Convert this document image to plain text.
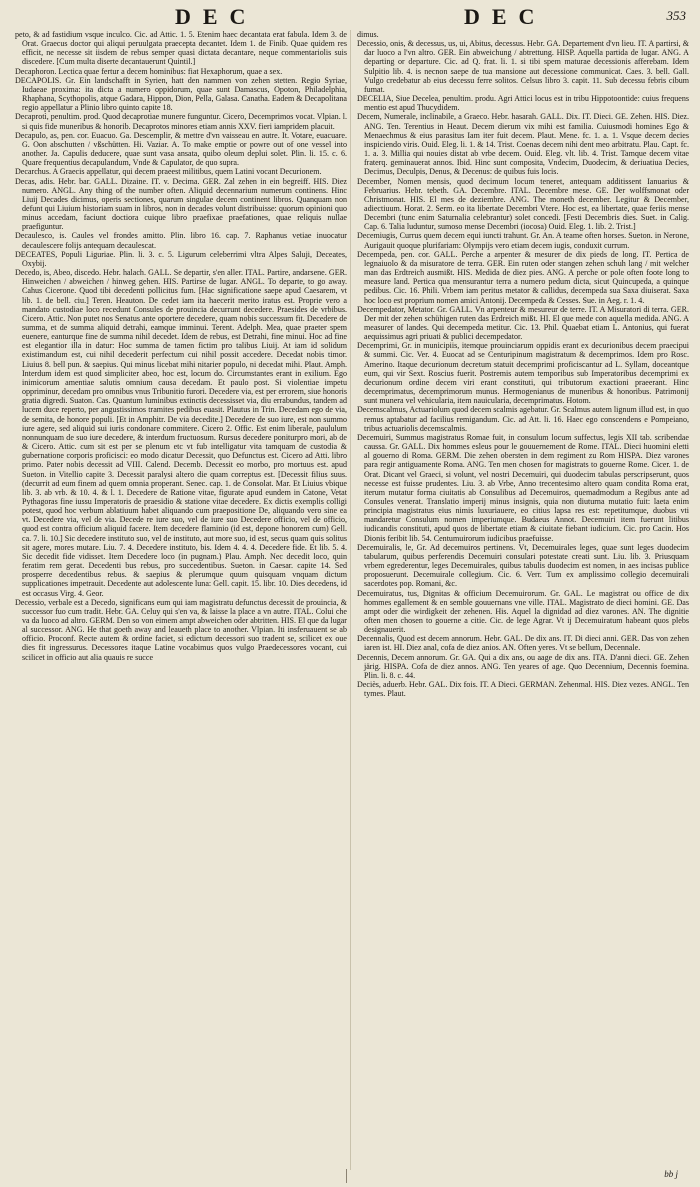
DEC	DEC	353

peto, & ad fastidium vsque inculco. Cic. ad Attic. 1. 5. Etenim haec decantata erat fabula. Idem 3. de Orat. Graecus doctor qui aliqui peruulgata praecepta decantet. Idem 1. de Finib. Quae quidem res efficit, ne necesse sit iisdem de rebus semper quasi dictata decantare, neque commentariolis suis discedere. [Cum multa diserte decantauerunt Quintil.]

Decaphoron. Lectica quae fertur a decem hominibus: fiat Hexaphorum, quae a sex.

DECAPOLIS. Gr. Ein landschafft in Syrien, hatt den nammen von zehen stetten. Regio Syriae, Iudaeae proxima: ita dicta a numero oppidorum, quae sunt Damascus, Opoton, Philadelphia, Rhaphana, Scythopolis, atque Gadara, Hippon, Dion, Pella, Galasa. Canatha. Eadem & Decapolitana regio appellatur a Plinio libro quinto capite 18.

Decaprotì, penultim. prod. Quod decaprotiae munere funguntur. Cicero, Decemprimos vocat. Vlpian. l. si quis fide muneribus & honorib. Decaprotos minores etiam annis XXV. fieri iampridem placuit.

Decapulo, as, pen. cor. Euacuo. Ga. Descemplir, & mettre d'vn vaisseau en autre. It. Votare, euacuare. G. Oon abschutten / vßschütten. Hi. Vaziar. A. To make emptie or powre out of one vessel into another. Ja. Capulis deducere, quae sunt vasa ansata, quibo oleum deplui solet. Plin. li. 15. c. 6. Quare frequentius decapulandum, Vnde & Capulator, de quo supra.

Decarchus. A Graecis appellatur, qui decem praeest militibus, quem Latini vocant Decurionem.

Decas, adis. Hebr. bar. GALL. Dizaine. IT. v. Decima. GER. Zal zehen in ein begreiff. HIS. Diez numero. ANGL. Any thing of the number often. Aliquid decennarium numerum continens. Hinc Liuij Decades dicimus, operis sectiones, quarum singulae decem continent libros. Quanquam non defunt qui Liuium historiam suam in libros, non in decades volunt distribuisse: quorum opinioni quo minus accedam, faciunt doctiora cuique libro praefixae praefationes, quae reliquis nullae praefiguntur.

Decaulesco, is. Caules vel frondes amitto. Plin. libro 16. cap. 7. Raphanus vetiae inuocatur decaulescere folijs antequam decaulescat.

DECEATES, Populi Liguriae. Plin. li. 3. c. 5. Ligurum celeberrimi vltra Alpes Saluji, Deceates, Oxybij.

Decedo, is, Abeo, discedo. Hebr. halach. GALL. Se departir, s'en aller. ITAL. Partire, andarsene. GER. Hinweichen / abweichen / hinweg gehen. HIS. Partirse de lugar. ANGL. To departe, to go away. Cahus Cicerone. Quod tibi decedenti pollicitus fum. [Hac significatione saepe apud Caesarem, vt lib. 1. de bell. ciu.] Teren. Heauton. De cedet iam ita haecerit merito iratus est. Proprie vero a mandato custodiae loco recedunt Consules de prouincia decurrunt decedere. Praesides de vrbibus. Cicero. Attic. Non putet nos Senatus ante oportere decedere, quam nobis successum fit. Decedere de summa, et de summa aliquid detrahi, eamque imminui. Terent. Adelph. Mea, quae praeter spem euenere, eanturque fine de summa nihil decedet. Idem de rebus, est Detrahi, fine minui. Hoc ad fine est elegantior illa in datur: Hoc summa de tamen fictim pro talibus Liuij. At iam id solidum existimandum est, cui nihil decederit perfectum cui nihil possit accedere. Decedat nobis timor. Liuius 8. bell pun. & saepius. Qui minus licebat mihi nitarier populo, ni decedat mihi. Plaut. Amph. Interdum idem est quod simpliciter abeo, hoc est, locum do. Circumstantes erant in exilium. Ego inimicorum amentiae salutis omnium causa decedam. Et paulo post. Si violentiae impetu oppriminur, decedam pro omnibus vnus Tribunitio furori. Decedere via, est per errorem, siue honoris gratia digredi. Suaton. Cas. Quantum luminibus extinctis decessisset via, diu errabundus, tandem ad lucem duce reperto, per angustissimos tramites pedibus euasit. Plautus in Trin. Decedam ego de via, de semita, de honore populi. [Et in Amphitr. De via decedite.] Decedere de suo iure, est non summo iure agere, sed aliquid sui iuris condonare commitere. Cicero 2. Offic. Est enim liberale, paululum nonnunquam de suo iure decedere, & interdum fructuosum. Rursus decedere poniturpro mori, ab de & Cicero. Attic. cum sit est per se plenum etc vt fub intelligatur vita tamquam de custodia & gubernatione corporis proficisci: eo modo dicatur Decessit, quo Defunctus est. Cicero ad Atti. libro primo. Pater nobis decessit ad VIII. Calend. Decemb. Decessit eo morbo, pro mortuus est. apud Sueton. in Vitellio capite 3. Decessit paralysi altero die quam correptus est. [Decessit filius suus. (decurrit ad eum finem ad quem omnia properant. Senec. cap. 1. de Consolat. Mar. Et Liuius vbique lib. 3. ab vrb. & 10. 4. & l. 1. Decedere de Ratione vitae, figurate apud eundem in Catone, Vetat Pythagoras fine iussu Imperatoris de praesidio & statione vitae decedere. Ex dictis exemplis colligi potest, quod hoc verbum ablatiuum habet aliquando cum praepositione De, aliquando vero sine ea vt. Decedere via, vel de via. Decede re iure suo, vel de iure suo Decedere officio, vel de officio, quod est contra officium aliquid facere. Item decedere flaminio (id est, depone honorem cum) Gell. ca. 7. li. 10.] Sic decedere instituto suo, vel de instituto, aut more suo, id est, secus quam quis solitus sit agere, mores mutare. Liu. 7. 4. Decedere instituto, bis. Idem 4. 4. 4. Decedere fide. Et lib. 5. 4. Sic decedit fide vidisset. Item Decedere loco (in pugnam.) Plau. Amph. Nec decedit loco, quin feratim rem gerat. Decedenti bus rebus, pro succedentibus. Sueton. in Caesar. capite 14. Sed prosperre decedentibus rebus. & saepius & plerumque quum quisquam vnquam dictum supplicationes impetrauit. Decedente aut adolescente luna: Gell. capit. 15. libr. 10. Dies decedens, id est occasus Virg. 4. Geor.

Decessio, verbale est a Decedo, significans eum qui iam magistratu defunctus decessit de prouincia, & successor fuo cum tradit. Hebr. GA. Celuy qui s'en va, & laisse la place a vn autre. ITAL. Colui che va da luoco ad altro. GERM. Den so von eimem ampt abweichen oder abtritten. HIS. El que da lugar al successor. ANG. He that goeth away and leaueth place to another. Vlpian. Iti insferuauent se ab officio. Proconf. Recte autem & ordine faciet, si edictum decessori suo tradent se, scilicet ex oue dies fit ingressurus. Decessores itaque Latine vocabimus quos vulgo Praedecessores vocant, cui scilicet in officio aut alia quauis re succe

dimus.

Decessio, onis, & decessus, us, ui, Abitus, decessus. Hebr. GA. Departement d'vn lieu. IT. A partirsi, & dar luoco a l'vn altro. GER. Ein abweichung / abtrettung. HISP. Aquella partida de lugar. ANG. A departing or departure. Cic. ad Q. frat. li. 1. si tibi spem maturae decessionis afferebam. Idem Sulpitio lib. 4. is necnon saepe de tua mansione aut decessione communicat. Caes. 3. bell. Gall. Vulgo credebatur ab eius decessu ferre solitos. Celsus libro 3. capit. 11. Sub decessu febris cibum fumat.

DECELIA, Siue Decelea, penultim. produ. Agri Attici locus est in tribu Hippotoontide: cuius frequens mentio est apud Thucydidem.

Decem, Numerale, inclinabile, a Graeco. Hebr. hasarah. GALL. Dix. IT. Dieci. GE. Zehen. HIS. Diez. ANG. Ten. Terentius in Heaut. Decem dierum vix mihi est familia. Cuiusmodi homines Ego & Menaechmus & eius parasitus Iam iter fuit decem. Plaut. Mene. fc. 1. a. 1. Vsque decem decies inspiciendo viris. Ouid. Eleg. li. 1. & 14. Trist. Coenas decem nihi dent meo arbitratu. Plau. Capt. fc. 1. a. 3. Millia qui nouies distat ab vrbe decem. Ouid. Eleg. vlt. lib. 4. Trist. Tamque decem vitae fraterq. geminauerat annos. Ibid. Hinc sunt composita, Vndecim, Duodecim, & deriuatiua Decies, Decimus, Deculpis, Denus, & Decenus: de quibus fuis locis.

December, Nomen mensis, quod decimum locum teneret, antequam additissent Ianuarius & Februarius. Hebr. tebeth. GA. Decembre. ITAL. Decembre mese. GE. Der wolffsmonat oder Christmonat. HIS. El mes de deziembre. ANG. The moneth december. Legitur & December, adiectiuum. Horat. 2. Serm. eo ita libertate Decembri Vtere. Hoc est, ea libertate, quae feriis mense Decembri (tunc enim Saturnalia celebrantur) solet concedi. [Festi Decembris dies. Suet. in Calig. Cap. 6. Talia luduntur, sumoso mense Decembri (iocosa) Ouid. Eleg. 1. lib. 2. Trist.]

Decemiugis, Currus quem decem equi iuncti trahunt. Gr. An. A teame often horses. Sueton. in Nerone, Aurigauit quoque plurifariam: Olympijs vero etiam decem iugis, conduxit currum.

Decempeda, pen. cor. GALL. Perche a arpenter & mesurer de dix pieds de long. IT. Pertica de legnaiuolo & da misuratore de terra. GER. Ein ruten oder stangen zehen schuh lang / mit welcher man das Erdtreich ausmißt. HIS. Medida de diez pies. ANG. A perche or pole often foote long to measure land. Pertica qua mensurantur terra a numero pedum dicta, sicut Quincupeda, a quinque pedibus. Cic. 16. Phili. Vrbem iam peritus metator & callidus, decempeda sua Saxa diuiserat. Saxa hoc loco est proprium nomen amici Antonij. Decempeda & Cesses. Sue. in Aeg. r. 1. 4.

Decempedator, Metator. Gr. GALL. Vn arpenteur & mesureur de terre. IT. A Misuratori di terra. GER. Der mit der zehen schühigen ruten das Erdreich mißt. HI. El que mede con aquella medida. ANG. A measurer of landes. Qui decempeda metitur. Cic. 13. Phil. Quaebat etiam L. Antonius, qui fuerat aequissimus agri priuati & publici decempedator.

Decemprimi, Gr. in municipiis, itemque prouinciarum oppidis erant ex decurionibus decem praecipui & summi. Cic. Ver. 4. Euocat ad se Centuripinum magistratum & decemprimos. Idem pro Rosc. Amerino. Itaque decurionum decretum statuit decemprimi proficiscantur ad L. Syllam, doceantque eum, qui vir Sext. Roscius fuerit. Postremis autem temporibus sub Imperatoribus decemprimi ex decurionum ordine decem viri erant constituti, qui tributorum exactioni praeerant. Hinc decemprimatus, decemprimorum munus. Hermogenianus de muneribus & honoribus. Patrimonij sunt munera vel vehicularia, item nauicularia, decemprimatus. Hotom.

Decemscalmus, Actuariolum quod decem scalmis agebatur. Gr. Scalmus autem lignum illud est, in quo remus aptabatur ad facilius remigandum. Cic. ad Att. li. 16. Haec ego conscendens e Pompeiano, tribus actuariolis decemscalmis.

Decemuiri, Summus magistratus Romae fuit, in consulum locum suffectus, legis XII tab. scribendae caussa. Gr. GALL. Dix hommes esleus pour le gouuernement de Rome. ITAL. Dieci huomini eletti al gouerno di Roma. GERM. Die zehen obersten in dem regiment zu Rom HISPA. Diez varones para regir antiguamente Roma. ANG. Ten men chosen for magistrats to gouerne Rome. Cicer. 1. de Orat. Dicant vel Graeci, si volunt, vel nostri Decemuiri, qui duodecim tabulas perscripserunt, quos necesse est fuisse prudentes. Liu. 3. ab Vrbe, Anno trecentesimo altero quam condita Roma erat, iterum mutatur forma ciuitatis ab Consulibus ad Decemuiros, quemadmodum a Regibus ante ad Consules venerat. Translatio imperij minus insignis, quia non diuturna mutatio fuit: laeta enim principia magistratus eius nimis luxuriauere, eo citius lapsa res est: repetitumque, duobus vti mandaretur Consulum nomen imperiumque. Budaeus Annot. Decemuiri item fuerunt litibus iudicandis constituti, apud quos de libertate etiam & ciuitate fiebant iudicium. Cic. pro Cacin. Hos Dionis feribit lib. 54. Centumuirorum iudicibus praefuisse.

Decemuiralis, le, Gr. Ad decemuiros pertinens. Vt, Decemuirales leges, quae sunt leges duodecim tabularum, quibus perferendis Decemuiri consulari potestate creati sunt. Liu. lib. 3. Priusquam vrbem egrederentur, leges Decemuirales, quibus tabulis duodecim est nomen, in aes incisas publice proposuerunt. Decemuirale collegium. Cic. 6. Verr. Tum ex amplissimo collegio decemuirali sacerdotes pop. Romani, &c.

Decemuiratus, tus, Dignitas & officium Decemuirorum. Gr. GAL. Le magistrat ou office de dix hommes egallement & en semble gouuernans vne ville. ITAL. Magistrato de dieci homini. GE. Das ampt oder die wirdigkeit der zehenen. His. Aquel la dignidad ad diez varones. AN. The dignitie often men chosen to gouerne a citie. Cic. de lege Agrar. Vt ij Decemuiratum habeant quos plebs designauerit.

Decennalis, Quod est decem annorum. Hebr. GAL. De dix ans. IT. Di dieci anni. GER. Das von zehen iaren ist. HI. Diez anal, cofa de diez anios. AN. Often yeres. Vt se bellum, Decennale.

Decennis, Decem annorum. Gr. GA. Qui a dix ans, ou aage de dix ans. ITA. D'anni dieci. GE. Zehen järig. HISPA. Cofa de diez annos. ANG. Ten yeares of age. Quo Decennium, Decennis foemina. Plin. li. 8. c. 44.

Deciès, aduerb. Hebr. GAL. Dix fois. IT. A Dieci. GERMAN. Zehenmal. HIS. Diez vezes. ANGL. Ten tymes. Plaut.

bb j
